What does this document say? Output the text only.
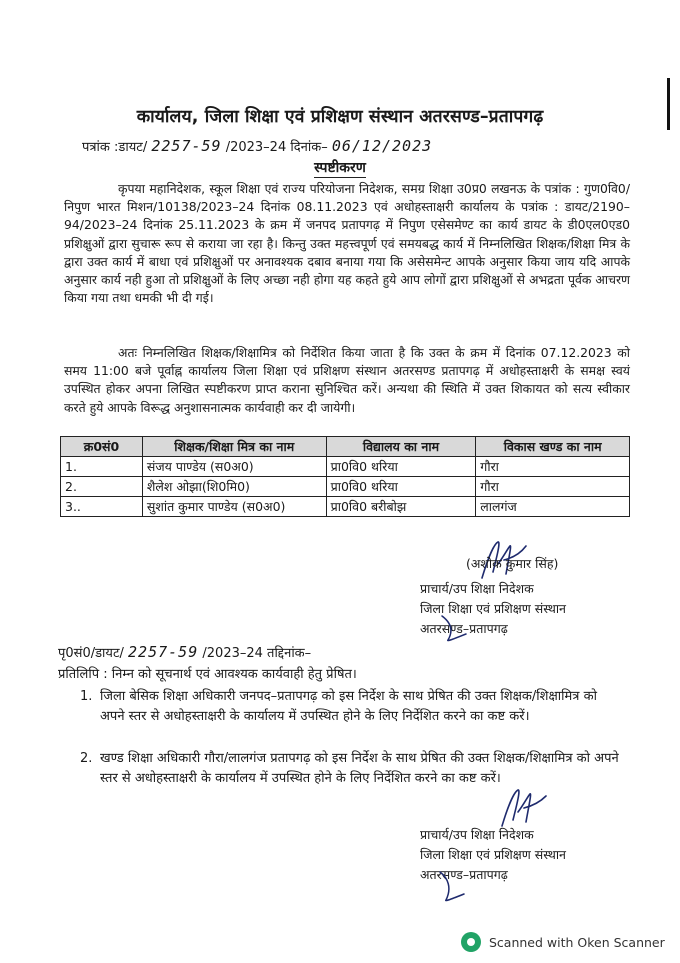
कार्यालय, जिला शिक्षा एवं प्रशिक्षण संस्थान अतरसण्ड–प्रतापगढ़
पत्रांक :डायट/ 2257-59 /2023–24 दिनांक– 06/12/2023
स्पष्टीकरण

कृपया महानिदेशक, स्कूल शिक्षा एवं राज्य परियोजना निदेशक, समग्र शिक्षा उ0प्र0 लखनऊ के पत्रांक : गुण0वि0/निपुण भारत मिशन/10138/2023–24 दिनांक 08.11.2023 एवं अधोहस्ताक्षरी कार्यालय के पत्रांक : डायट/2190–94/2023–24 दिनांक 25.11.2023 के क्रम में जनपद प्रतापगढ़ में निपुण एसेसमेण्ट का कार्य डायट के डी0एल0एड0 प्रशिक्षुओं द्वारा सुचारू रूप से कराया जा रहा है। किन्तु उक्त महत्त्वपूर्ण एवं समयबद्ध कार्य में निम्नलिखित शिक्षक/शिक्षा मित्र के द्वारा उक्त कार्य में बाधा एवं प्रशिक्षुओं पर अनावश्यक दबाव बनाया गया कि असेसमेन्ट आपके अनुसार किया जाय यदि आपके अनुसार कार्य नही हुआ तो प्रशिक्षुओं के लिए अच्छा नही होगा यह कहते हुये आप लोगों द्वारा प्रशिक्षुओं से अभद्रता पूर्वक आचरण किया गया तथा धमकी भी दी गई।

अतः निम्नलिखित शिक्षक/शिक्षामित्र को निर्देशित किया जाता है कि उक्त के क्रम में दिनांक 07.12.2023 को समय 11:00 बजे पूर्वाह्न कार्यालय जिला शिक्षा एवं प्रशिक्षण संस्थान अतरसण्ड प्रतापगढ़ में अधोहस्ताक्षरी के समक्ष स्वयं उपस्थित होकर अपना लिखित स्पष्टीकरण प्राप्त कराना सुनिश्चित करें। अन्यथा की स्थिति में उक्त शिकायत को सत्य स्वीकार करते हुये आपके विरूद्ध अनुशासनात्मक कार्यवाही कर दी जायेगी।

क्र0सं0	शिक्षक/शिक्षा मित्र का नाम	विद्यालय का नाम	विकास खण्ड का नाम
1.	संजय पाण्डेय (स0अ0)	प्रा0वि0 थरिया	गौरा
2.	शैलेश ओझा(शि0मि0)	प्रा0वि0 थरिया	गौरा
3..	सुशांत कुमार पाण्डेय (स0अ0)	प्रा0वि0 बरीबोझ	लालगंज
(अशोक कुमार सिंह)
प्राचार्य/उप शिक्षा निदेशक
जिला शिक्षा एवं प्रशिक्षण संस्थान
अतरसण्ड–प्रतापगढ़
पृ0सं0/डायट/ 2257-59 /2023–24 तद्दिनांक–
प्रतिलिपि : निम्न को सूचनार्थ एवं आवश्यक कार्यवाही हेतु प्रेषित।
1. जिला बेसिक शिक्षा अधिकारी जनपद–प्रतापगढ़ को इस निर्देश के साथ प्रेषित की उक्त शिक्षक/शिक्षामित्र को अपने स्तर से अधोहस्ताक्षरी के कार्यालय में उपस्थित होने के लिए निर्देशित करने का कष्ट करें।
2. खण्ड शिक्षा अधिकारी गौरा/लालगंज प्रतापगढ़ को इस निर्देश के साथ प्रेषित की उक्त शिक्षक/शिक्षामित्र को अपने स्तर से अधोहस्ताक्षरी के कार्यालय में उपस्थित होने के लिए निर्देशित करने का कष्ट करें।
प्राचार्य/उप शिक्षा निदेशक
जिला शिक्षा एवं प्रशिक्षण संस्थान
अतरसण्ड–प्रतापगढ़
Scanned with Oken Scanner
